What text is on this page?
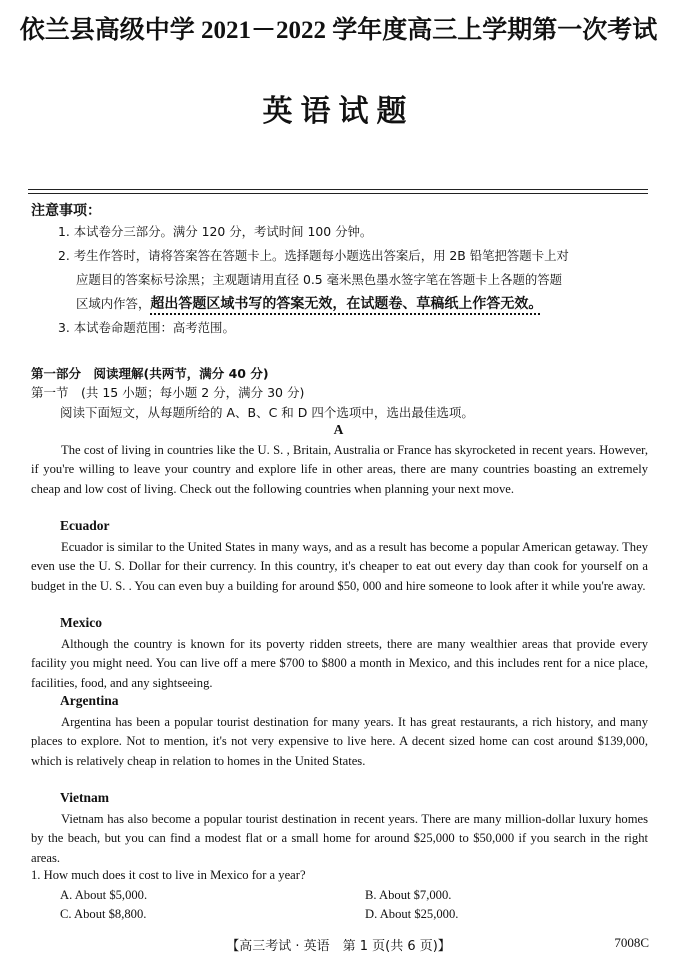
依兰县高级中学 2021－2022 学年度高三上学期第一次考试
英语试题
注意事项：
1. 本试卷分三部分。满分 120 分，考试时间 100 分钟。
2. 考生作答时，请将答案答在答题卡上。选择题每小题选出答案后，用 2B 铅笔把答题卡上对
应题目的答案标号涂黑；主观题请用直径 0.5 毫米黑色墨水签字笔在答题卡上各题的答题
区域内作答，超出答题区域书写的答案无效，在试题卷、草稿纸上作答无效。
3. 本试卷命题范围：高考范围。
第一部分　阅读理解(共两节，满分 40 分)
第一节　(共 15 小题；每小题 2 分，满分 30 分)
阅读下面短文，从每题所给的 A、B、C 和 D 四个选项中，选出最佳选项。
A
The cost of living in countries like the U. S. , Britain, Australia or France has skyrocketed in recent years. However, if you're willing to leave your country and explore life in other areas, there are many countries boasting an extremely cheap and low cost of living. Check out the following countries when planning your next move.
Ecuador
Ecuador is similar to the United States in many ways, and as a result has become a popular American getaway. They even use the U. S. Dollar for their currency. In this country, it's cheaper to eat out every day than cook for yourself on a budget in the U. S. . You can even buy a building for around $50, 000 and hire someone to look after it while you're away.
Mexico
Although the country is known for its poverty ridden streets, there are many wealthier areas that provide every facility you might need. You can live off a mere $700 to $800 a month in Mexico, and this includes rent for a nice place, facilities, food, and any sightseeing.
Argentina
Argentina has been a popular tourist destination for many years. It has great restaurants, a rich history, and many places to explore. Not to mention, it's not very expensive to live here. A decent sized home can cost around $139,000, which is relatively cheap in relation to homes in the United States.
Vietnam
Vietnam has also become a popular tourist destination in recent years. There are many million-dollar luxury homes by the beach, but you can find a modest flat or a small home for around $25,000 to $50,000 if you search in the right areas.
1. How much does it cost to live in Mexico for a year?
A. About $5,000.	B. About $7,000.
C. About $8,800.	D. About $25,000.
【高三考试 · 英语　第 1 页(共 6 页)】	7008C
